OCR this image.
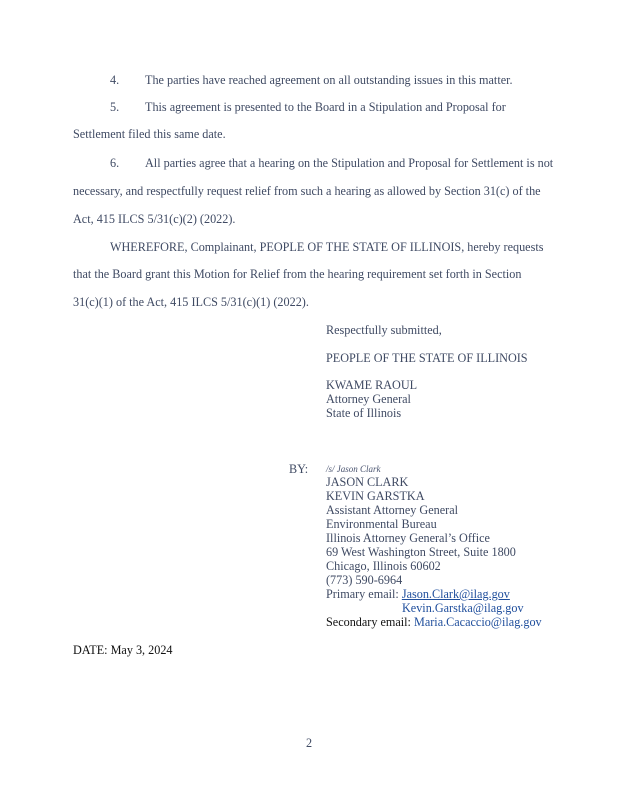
4. The parties have reached agreement on all outstanding issues in this matter.
5. This agreement is presented to the Board in a Stipulation and Proposal for
Settlement filed this same date.
6. All parties agree that a hearing on the Stipulation and Proposal for Settlement is not
necessary, and respectfully request relief from such a hearing as allowed by Section 31(c) of the
Act, 415 ILCS 5/31(c)(2) (2022).
WHEREFORE, Complainant, PEOPLE OF THE STATE OF ILLINOIS, hereby requests
that the Board grant this Motion for Relief from the hearing requirement set forth in Section
31(c)(1) of the Act, 415 ILCS 5/31(c)(1) (2022).
Respectfully submitted,
PEOPLE OF THE STATE OF ILLINOIS
KWAME RAOUL
Attorney General
State of Illinois
BY: /s/ Jason Clark
JASON CLARK
KEVIN GARSTKA
Assistant Attorney General
Environmental Bureau
Illinois Attorney General’s Office
69 West Washington Street, Suite 1800
Chicago, Illinois 60602
(773) 590-6964
Primary email: Jason.Clark@ilag.gov
Kevin.Garstka@ilag.gov
Secondary email: Maria.Cacaccio@ilag.gov
DATE: May 3, 2024
2
